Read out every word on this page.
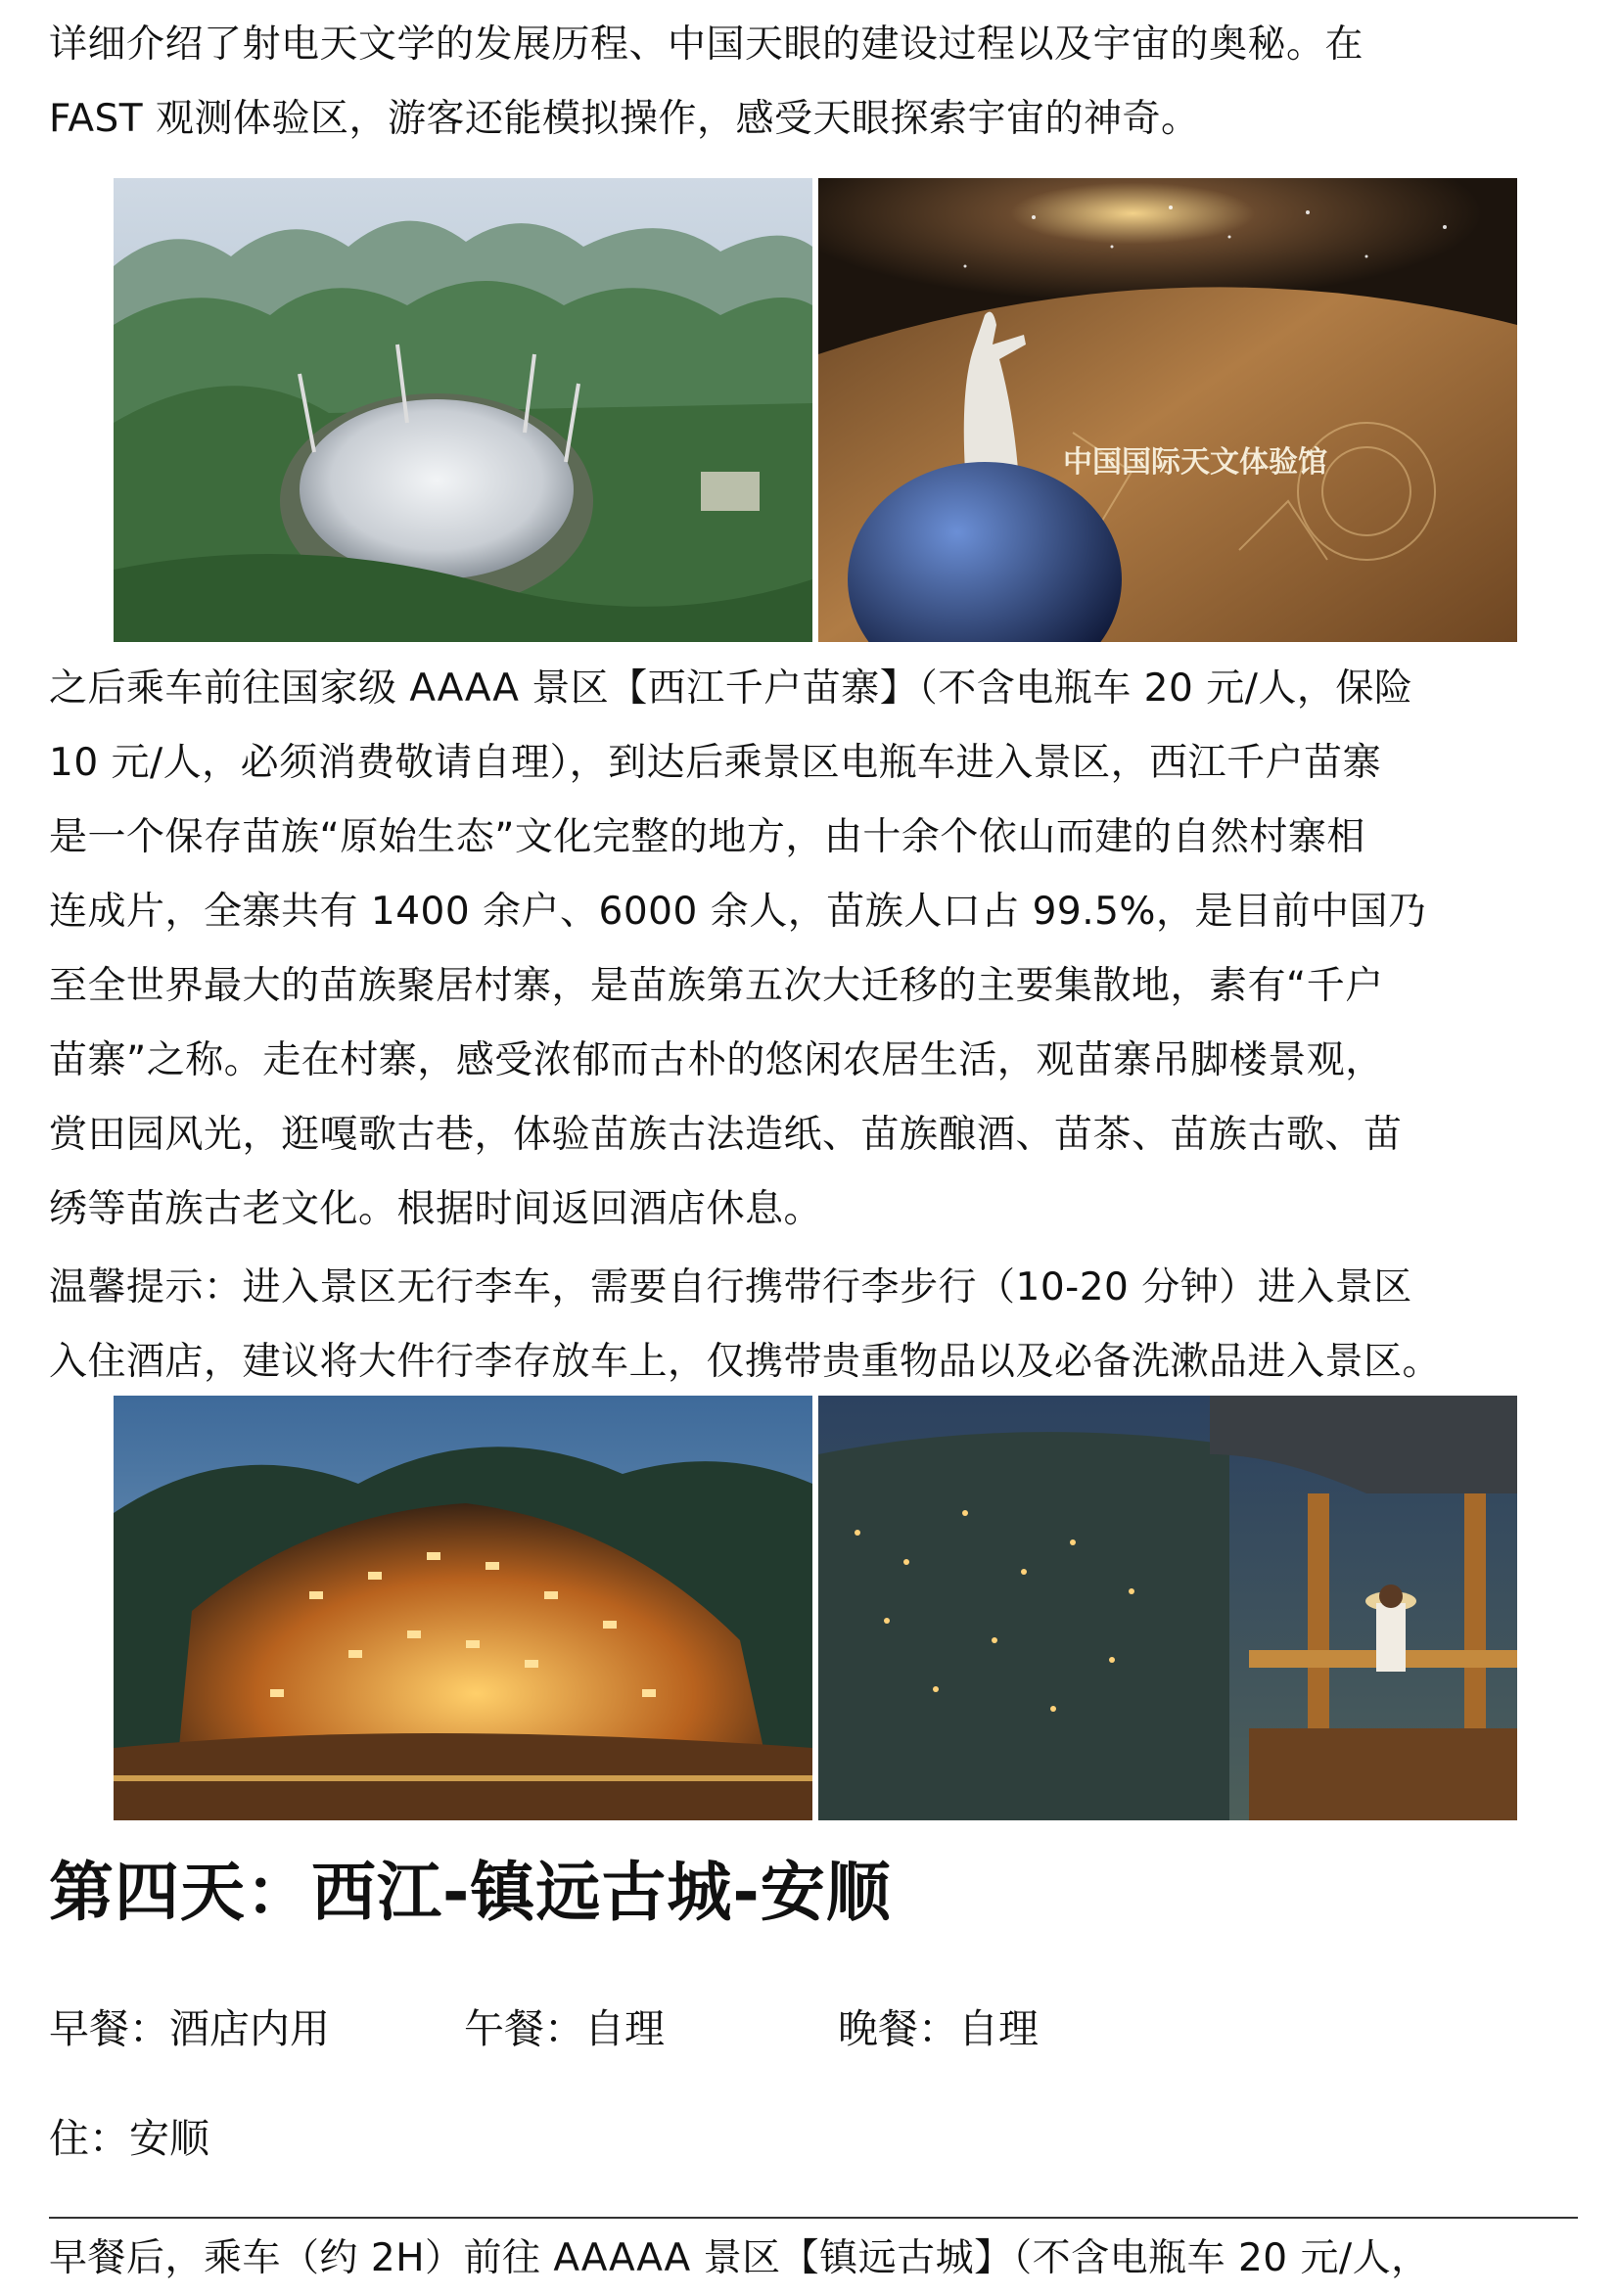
详细介绍了射电天文学的发展历程、中国天眼的建设过程以及宇宙的奥秘。在
FAST 观测体验区，游客还能模拟操作，感受天眼探索宇宙的神奇。
中国国际天文体验馆
之后乘车前往国家级 AAAA 景区【西江千户苗寨】（不含电瓶车 20 元/人，保险
10 元/人，必须消费敬请自理），到达后乘景区电瓶车进入景区，西江千户苗寨
是一个保存苗族“原始生态”文化完整的地方，由十余个依山而建的自然村寨相
连成片，全寨共有 1400 余户、6000 余人，苗族人口占 99.5%，是目前中国乃
至全世界最大的苗族聚居村寨，是苗族第五次大迁移的主要集散地，素有“千户
苗寨”之称。走在村寨，感受浓郁而古朴的悠闲农居生活，观苗寨吊脚楼景观，
赏田园风光，逛嘎歌古巷，体验苗族古法造纸、苗族酿酒、苗茶、苗族古歌、苗
绣等苗族古老文化。根据时间返回酒店休息。
温馨提示：进入景区无行李车，需要自行携带行李步行（10-20 分钟）进入景区
入住酒店，建议将大件行李存放车上，仅携带贵重物品以及必备洗漱品进入景区。
第四天：西江-镇远古城-安顺

早餐：酒店内用	午餐：自理	晚餐：自理

住：安顺

早餐后，乘车（约 2H）前往 AAAAA 景区【镇远古城】（不含电瓶车 20 元/人，
